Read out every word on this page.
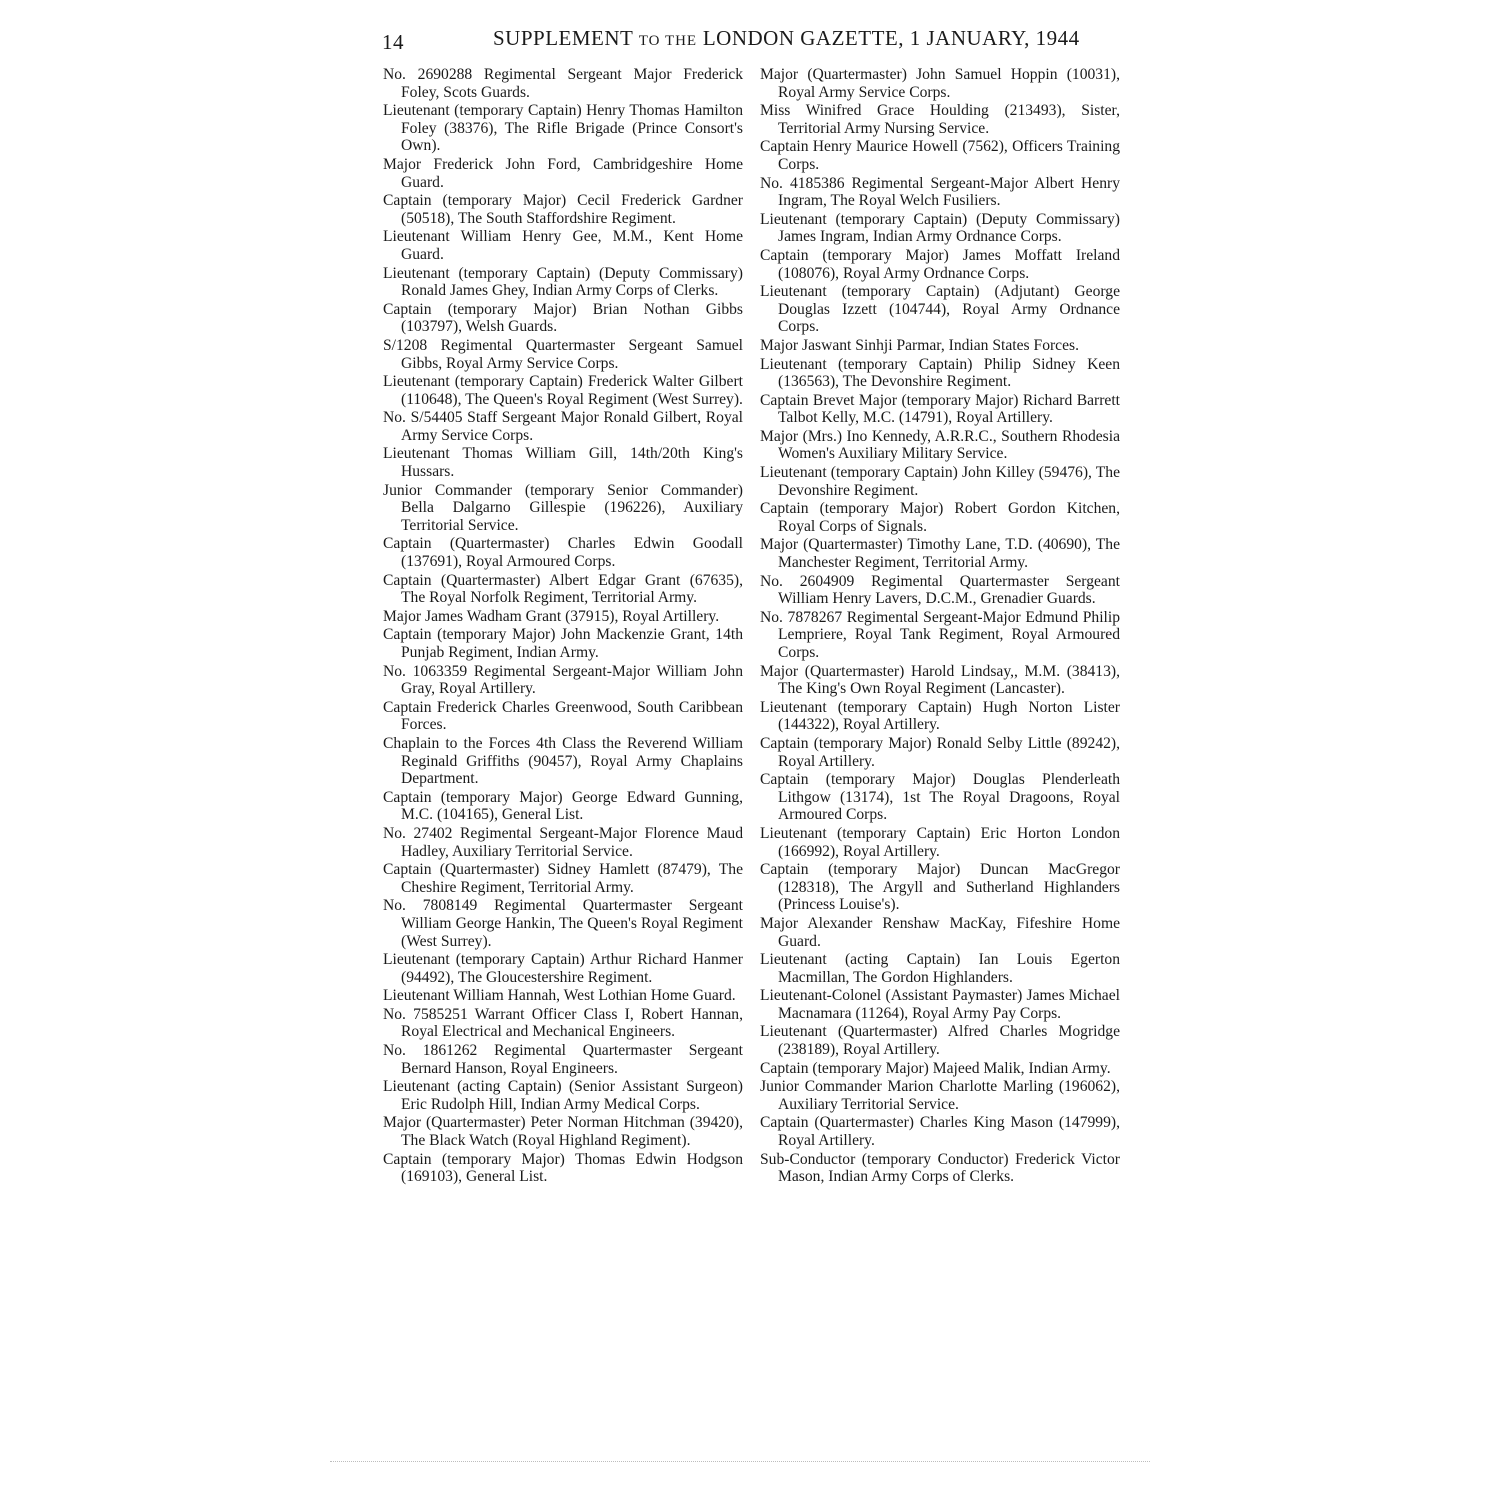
14	SUPPLEMENT TO THE LONDON GAZETTE, 1 JANUARY, 1944

No. 2690288 Regimental Sergeant Major Frederick Foley, Scots Guards.

Lieutenant (temporary Captain) Henry Thomas Hamilton Foley (38376), The Rifle Brigade (Prince Consort's Own).

Major Frederick John Ford, Cambridgeshire Home Guard.

Captain (temporary Major) Cecil Frederick Gardner (50518), The South Staffordshire Regiment.

Lieutenant William Henry Gee, M.M., Kent Home Guard.

Lieutenant (temporary Captain) (Deputy Commissary) Ronald James Ghey, Indian Army Corps of Clerks.

Captain (temporary Major) Brian Nothan Gibbs (103797), Welsh Guards.

S/1208 Regimental Quartermaster Sergeant Samuel Gibbs, Royal Army Service Corps.

Lieutenant (temporary Captain) Frederick Walter Gilbert (110648), The Queen's Royal Regiment (West Surrey).

No. S/54405 Staff Sergeant Major Ronald Gilbert, Royal Army Service Corps.

Lieutenant Thomas William Gill, 14th/20th King's Hussars.

Junior Commander (temporary Senior Commander) Bella Dalgarno Gillespie (196226), Auxiliary Territorial Service.

Captain (Quartermaster) Charles Edwin Goodall (137691), Royal Armoured Corps.

Captain (Quartermaster) Albert Edgar Grant (67635), The Royal Norfolk Regiment, Territorial Army.

Major James Wadham Grant (37915), Royal Artillery.

Captain (temporary Major) John Mackenzie Grant, 14th Punjab Regiment, Indian Army.

No. 1063359 Regimental Sergeant-Major William John Gray, Royal Artillery.

Captain Frederick Charles Greenwood, South Caribbean Forces.

Chaplain to the Forces 4th Class the Reverend William Reginald Griffiths (90457), Royal Army Chaplains Department.

Captain (temporary Major) George Edward Gunning, M.C. (104165), General List.

No. 27402 Regimental Sergeant-Major Florence Maud Hadley, Auxiliary Territorial Service.

Captain (Quartermaster) Sidney Hamlett (87479), The Cheshire Regiment, Territorial Army.

No. 7808149 Regimental Quartermaster Sergeant William George Hankin, The Queen's Royal Regiment (West Surrey).

Lieutenant (temporary Captain) Arthur Richard Hanmer (94492), The Gloucestershire Regiment.

Lieutenant William Hannah, West Lothian Home Guard.

No. 7585251 Warrant Officer Class I, Robert Hannan, Royal Electrical and Mechanical Engineers.

No. 1861262 Regimental Quartermaster Sergeant Bernard Hanson, Royal Engineers.

Lieutenant (acting Captain) (Senior Assistant Surgeon) Eric Rudolph Hill, Indian Army Medical Corps.

Major (Quartermaster) Peter Norman Hitchman (39420), The Black Watch (Royal Highland Regiment).

Captain (temporary Major) Thomas Edwin Hodgson (169103), General List.

Major (Quartermaster) John Samuel Hoppin (10031), Royal Army Service Corps.

Miss Winifred Grace Houlding (213493), Sister, Territorial Army Nursing Service.

Captain Henry Maurice Howell (7562), Officers Training Corps.

No. 4185386 Regimental Sergeant-Major Albert Henry Ingram, The Royal Welch Fusiliers.

Lieutenant (temporary Captain) (Deputy Commissary) James Ingram, Indian Army Ordnance Corps.

Captain (temporary Major) James Moffatt Ireland (108076), Royal Army Ordnance Corps.

Lieutenant (temporary Captain) (Adjutant) George Douglas Izzett (104744), Royal Army Ordnance Corps.

Major Jaswant Sinhji Parmar, Indian States Forces.

Lieutenant (temporary Captain) Philip Sidney Keen (136563), The Devonshire Regiment.

Captain Brevet Major (temporary Major) Richard Barrett Talbot Kelly, M.C. (14791), Royal Artillery.

Major (Mrs.) Ino Kennedy, A.R.R.C., Southern Rhodesia Women's Auxiliary Military Service.

Lieutenant (temporary Captain) John Killey (59476), The Devonshire Regiment.

Captain (temporary Major) Robert Gordon Kitchen, Royal Corps of Signals.

Major (Quartermaster) Timothy Lane, T.D. (40690), The Manchester Regiment, Territorial Army.

No. 2604909 Regimental Quartermaster Sergeant William Henry Lavers, D.C.M., Grenadier Guards.

No. 7878267 Regimental Sergeant-Major Edmund Philip Lempriere, Royal Tank Regiment, Royal Armoured Corps.

Major (Quartermaster) Harold Lindsay,, M.M. (38413), The King's Own Royal Regiment (Lancaster).

Lieutenant (temporary Captain) Hugh Norton Lister (144322), Royal Artillery.

Captain (temporary Major) Ronald Selby Little (89242), Royal Artillery.

Captain (temporary Major) Douglas Plenderleath Lithgow (13174), 1st The Royal Dragoons, Royal Armoured Corps.

Lieutenant (temporary Captain) Eric Horton London (166992), Royal Artillery.

Captain (temporary Major) Duncan MacGregor (128318), The Argyll and Sutherland Highlanders (Princess Louise's).

Major Alexander Renshaw MacKay, Fifeshire Home Guard.

Lieutenant (acting Captain) Ian Louis Egerton Macmillan, The Gordon Highlanders.

Lieutenant-Colonel (Assistant Paymaster) James Michael Macnamara (11264), Royal Army Pay Corps.

Lieutenant (Quartermaster) Alfred Charles Mogridge (238189), Royal Artillery.

Captain (temporary Major) Majeed Malik, Indian Army.

Junior Commander Marion Charlotte Marling (196062), Auxiliary Territorial Service.

Captain (Quartermaster) Charles King Mason (147999), Royal Artillery.

Sub-Conductor (temporary Conductor) Frederick Victor Mason, Indian Army Corps of Clerks.
